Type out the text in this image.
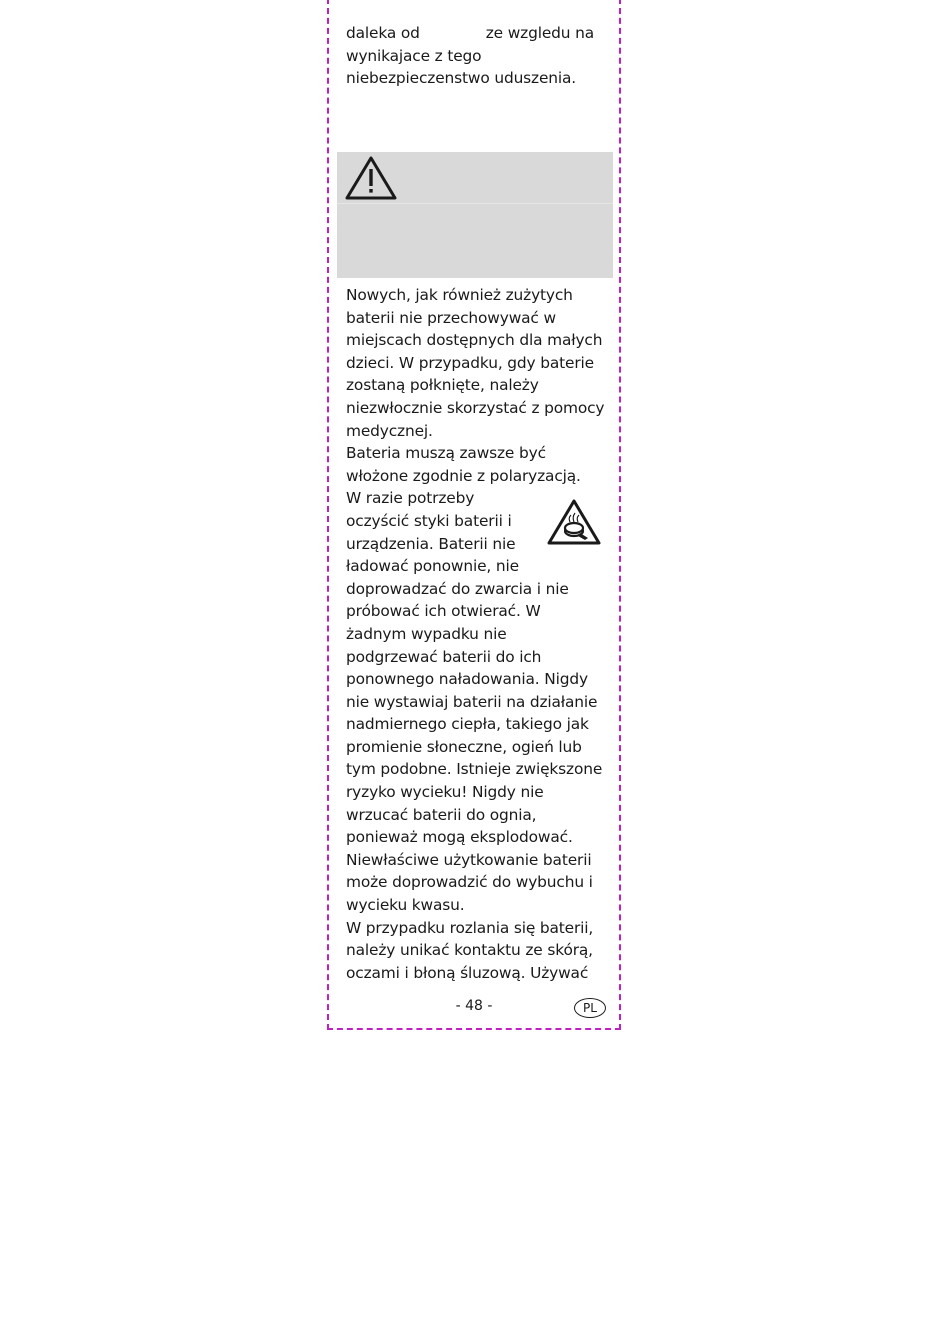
daleka od	ze wzgledu na
wynikajace z tego
niebezpieczenstwo uduszenia.

Nowych, jak również zużytych
baterii nie przechowywać w
miejscach dostępnych dla małych
dzieci. W przypadku, gdy baterie
zostaną połknięte, należy
niezwłocznie skorzystać z pomocy
medycznej.
Bateria muszą zawsze być
włożone zgodnie z polaryzacją.
W razie potrzeby
oczyścić styki baterii i
urządzenia. Baterii nie
ładować ponownie, nie
doprowadzać do zwarcia i nie
próbować ich otwierać. W
żadnym wypadku nie
podgrzewać baterii do ich
ponownego naładowania. Nigdy
nie wystawiaj baterii na działanie
nadmiernego ciepła, takiego jak
promienie słoneczne, ogień lub
tym podobne. Istnieje zwiększone
ryzyko wycieku! Nigdy nie
wrzucać baterii do ognia,
ponieważ mogą eksplodować.
Niewłaściwe użytkowanie baterii
może doprowadzić do wybuchu i
wycieku kwasu.
W przypadku rozlania się baterii,
należy unikać kontaktu ze skórą,
oczami i błoną śluzową. Używać

- 48 -	PL
